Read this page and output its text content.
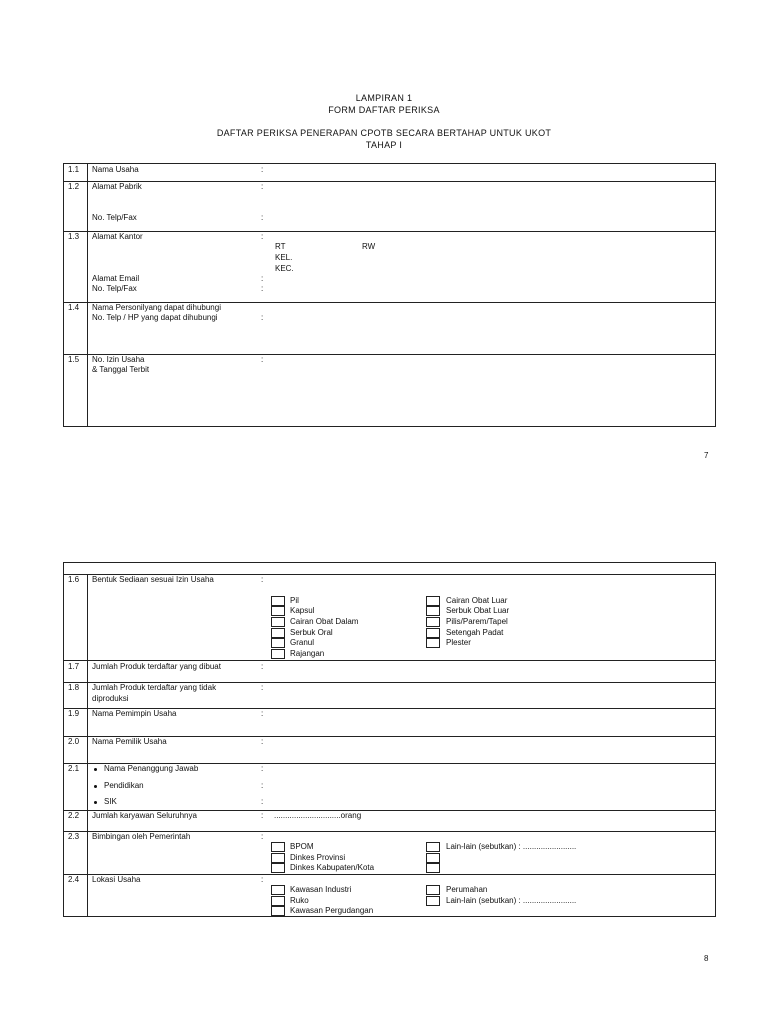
LAMPIRAN 1
FORM DAFTAR PERIKSA
DAFTAR PERIKSA PENERAPAN CPOTB SECARA BERTAHAP UNTUK UKOT
TAHAP I
1.1 Nama Usaha	:
1.2 Alamat Pabrik	:
No. Telp/Fax	:
1.3 Alamat Kantor	:
RT	RW
KEL.
KEC.
Alamat Email	:
No. Telp/Fax	:
1.4 Nama Personilyang dapat dihubungi
No. Telp / HP yang dapat dihubungi	:
1.5 No. Izin Usaha	:
& Tanggal Terbit
7
1.6 Bentuk Sediaan sesuai Izin Usaha	:
Pil
Kapsul
Cairan Obat Dalam
Serbuk Oral
Granul
Rajangan
Cairan Obat Luar
Serbuk Obat Luar
Pilis/Parem/Tapel
Setengah Padat
Plester
1.7 Jumlah Produk terdaftar yang dibuat	:
1.8 Jumlah Produk terdaftar yang tidak	:
diproduksi
1.9 Nama Pemimpin Usaha	:
2.0 Nama Pemilik Usaha	:
2.1	Nama Penanggung Jawab	:
Pendidikan	:
SIK	:
2.2 Jumlah karyawan Seluruhnya	: ..............................orang
2.3 Bimbingan oleh Pemerintah	:
BPOM
Dinkes Provinsi
Dinkes Kabupaten/Kota
Lain-lain (sebutkan) : ........................
2.4 Lokasi Usaha	:
Kawasan Industri
Ruko
Kawasan Pergudangan
Perumahan
Lain-lain (sebutkan) : ........................
8
